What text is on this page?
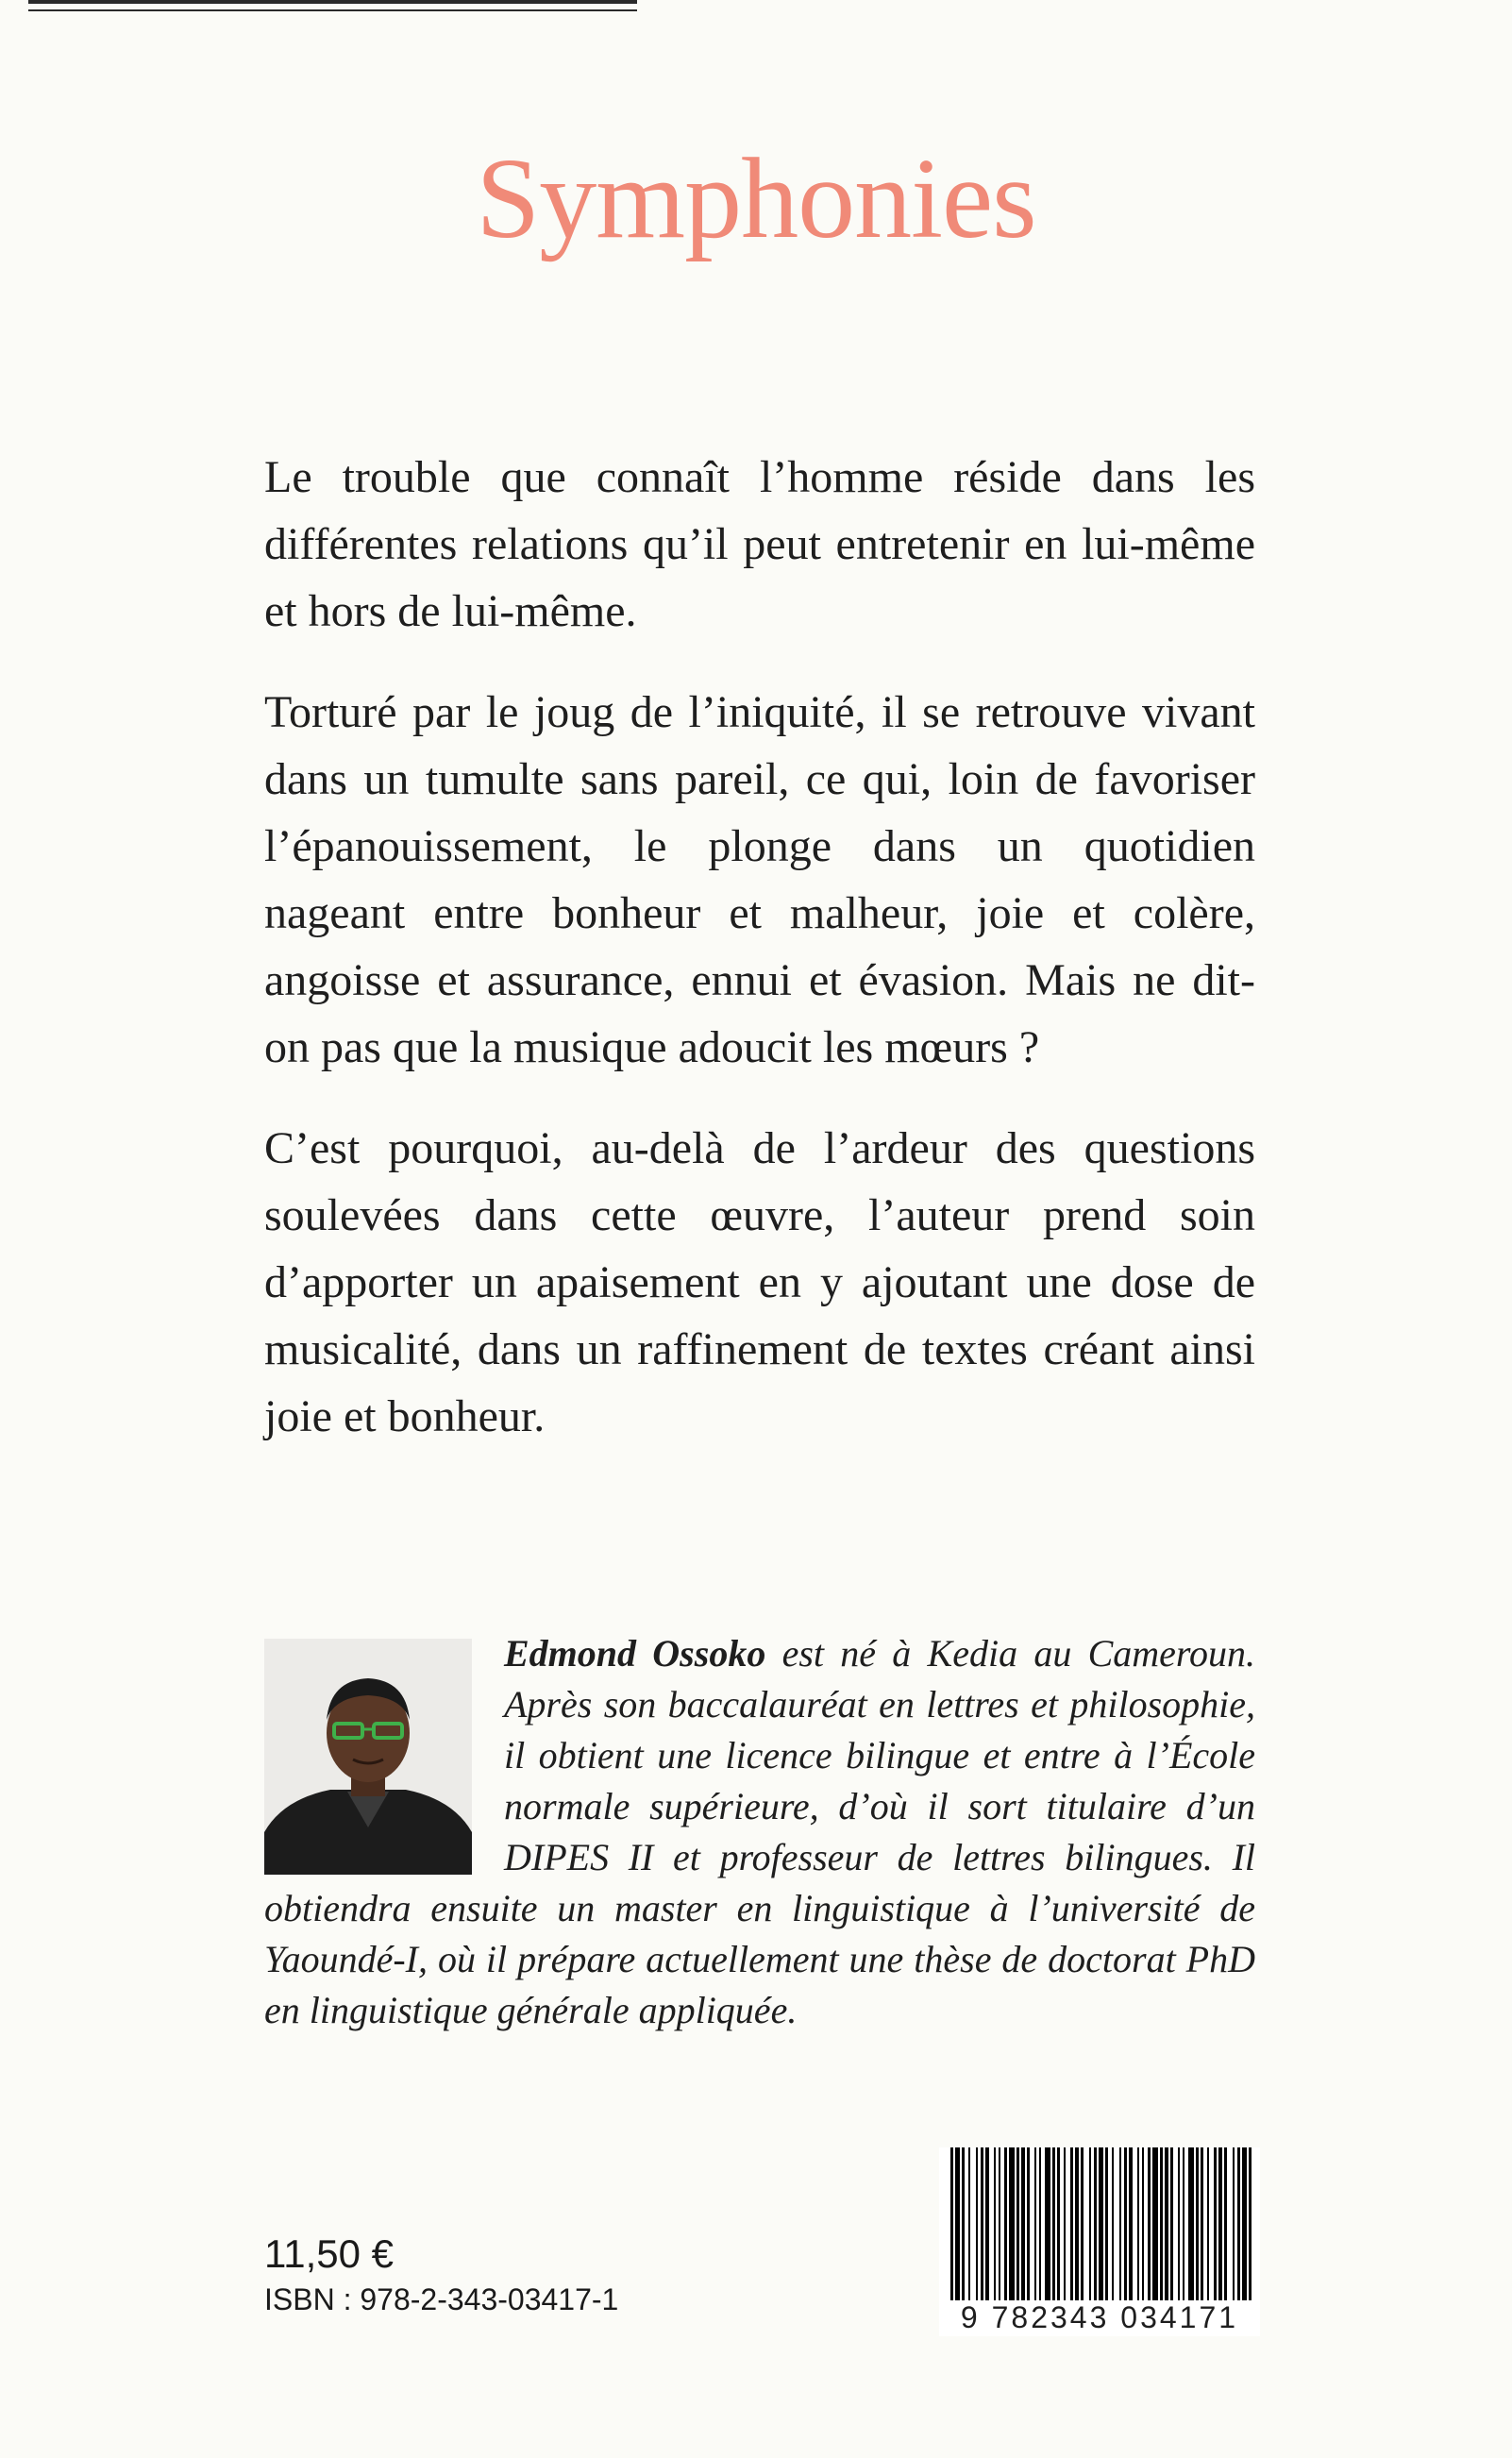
Symphonies

Le trouble que connaît l’homme réside dans les différentes relations qu’il peut entretenir en lui-même et hors de lui-même.

Torturé par le joug de l’iniquité, il se retrouve vivant dans un tumulte sans pareil, ce qui, loin de favoriser l’épanouissement, le plonge dans un quotidien nageant entre bonheur et malheur, joie et colère, angoisse et assurance, ennui et évasion. Mais ne dit-on pas que la musique adoucit les mœurs ?

C’est pourquoi, au-delà de l’ardeur des questions soulevées dans cette œuvre, l’auteur prend soin d’apporter un apaisement en y ajoutant une dose de musicalité, dans un raffinement de textes créant ainsi joie et bonheur.

Edmond Ossoko est né à Kedia au Cameroun. Après son baccalauréat en lettres et philosophie, il obtient une licence bilingue et entre à l’École normale supérieure, d’où il sort titulaire d’un DIPES II et professeur de lettres bilingues. Il obtiendra ensuite un master en linguistique à l’université de Yaoundé-I, où il prépare actuellement une thèse de doctorat PhD en linguistique générale appliquée.
11,50 €
ISBN : 978-2-343-03417-1
9 782343 034171
